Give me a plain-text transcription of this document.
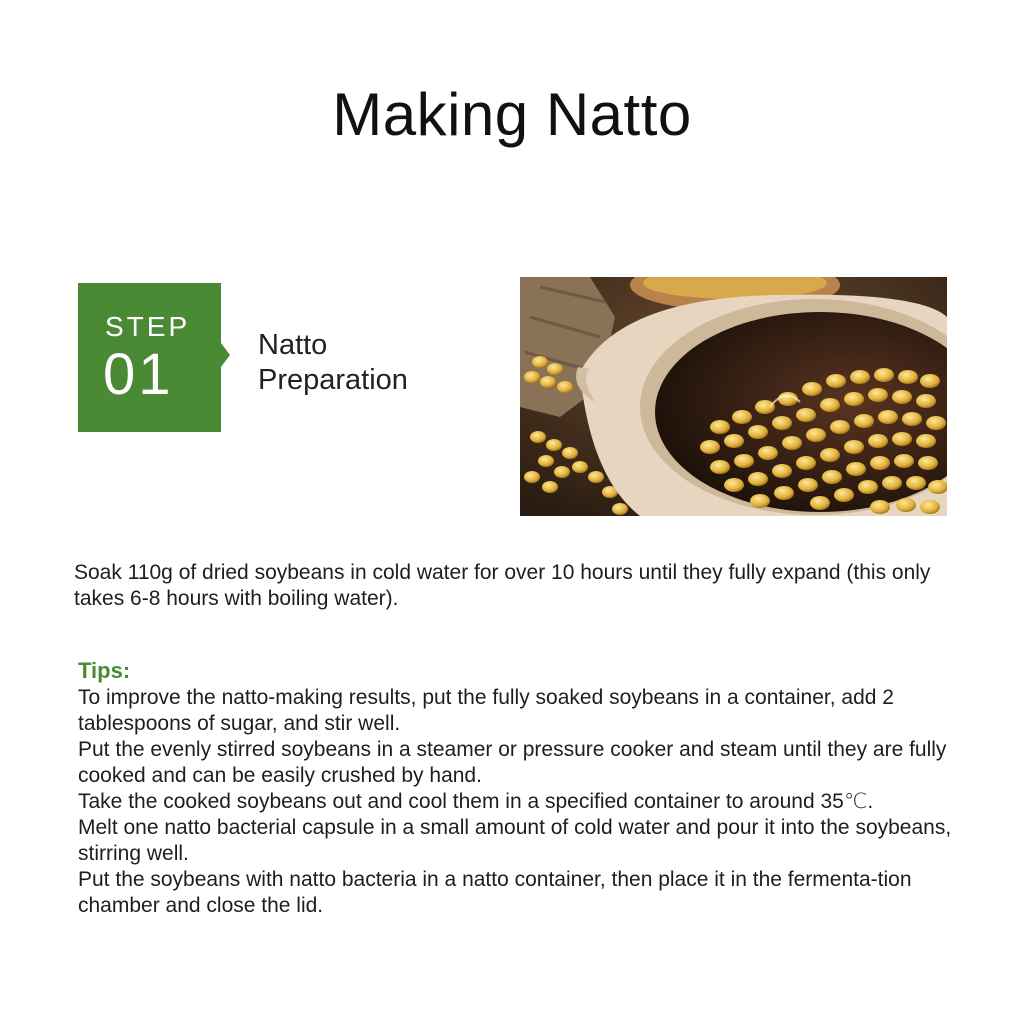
Making Natto
STEP
01	Natto
Preparation
Soak 110g of dried soybeans in cold water for over 10 hours until they fully expand (this only takes 6-8 hours with boiling water).
Tips:

To improve the natto-making results, put the fully soaked soybeans in a container, add 2 tablespoons of sugar, and stir well.

Put the evenly stirred soybeans in a steamer or pressure cooker and steam until they are fully cooked and can be easily crushed by hand.

Take the cooked soybeans out and cool them in a specified container to around 35℃.

Melt one natto bacterial capsule in a small amount of cold water and pour it into the soybeans, stirring well.

Put the soybeans with natto bacteria in a natto container, then place it in the fermenta-tion chamber and close the lid.
